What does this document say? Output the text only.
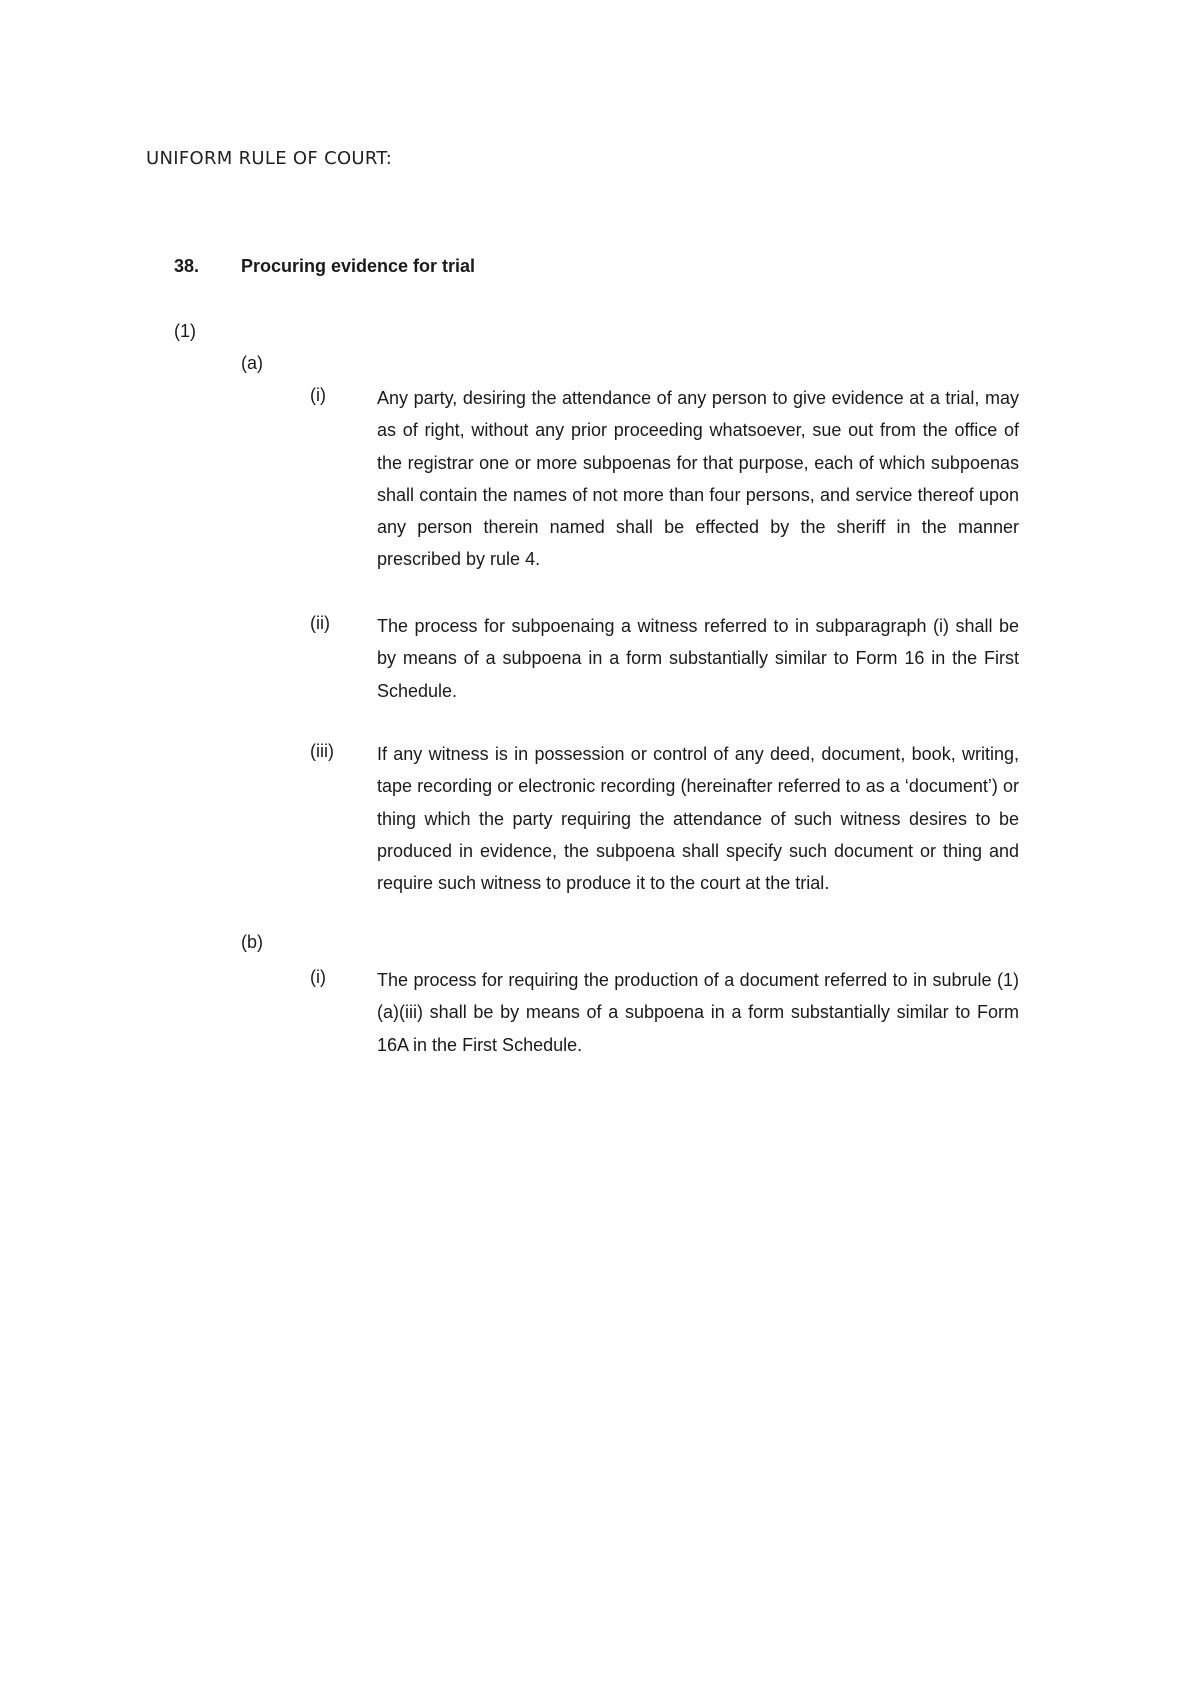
UNIFORM RULE OF COURT:
38. Procuring evidence for trial
(1)
(a)
(i)	Any party, desiring the attendance of any person to give evidence at a trial, may as of right, without any prior proceeding whatsoever, sue out from the office of the registrar one or more subpoenas for that purpose, each of which subpoenas shall contain the names of not more than four persons, and service thereof upon any person therein named shall be effected by the sheriff in the manner prescribed by rule 4.

(ii)	The process for subpoenaing a witness referred to in subparagraph (i) shall be by means of a subpoena in a form substantially similar to Form 16 in the First Schedule.

(iii) If any witness is in possession or control of any deed, document, book, writing, tape recording or electronic recording (hereinafter referred to as a ‘document’) or thing which the party requiring the attendance of such witness desires to be produced in evidence, the subpoena shall specify such document or thing and require such witness to produce it to the court at the trial.

(b)
(i)	The process for requiring the production of a document referred to in subrule (1)(a)(iii) shall be by means of a subpoena in a form substantially similar to Form 16A in the First Schedule.
